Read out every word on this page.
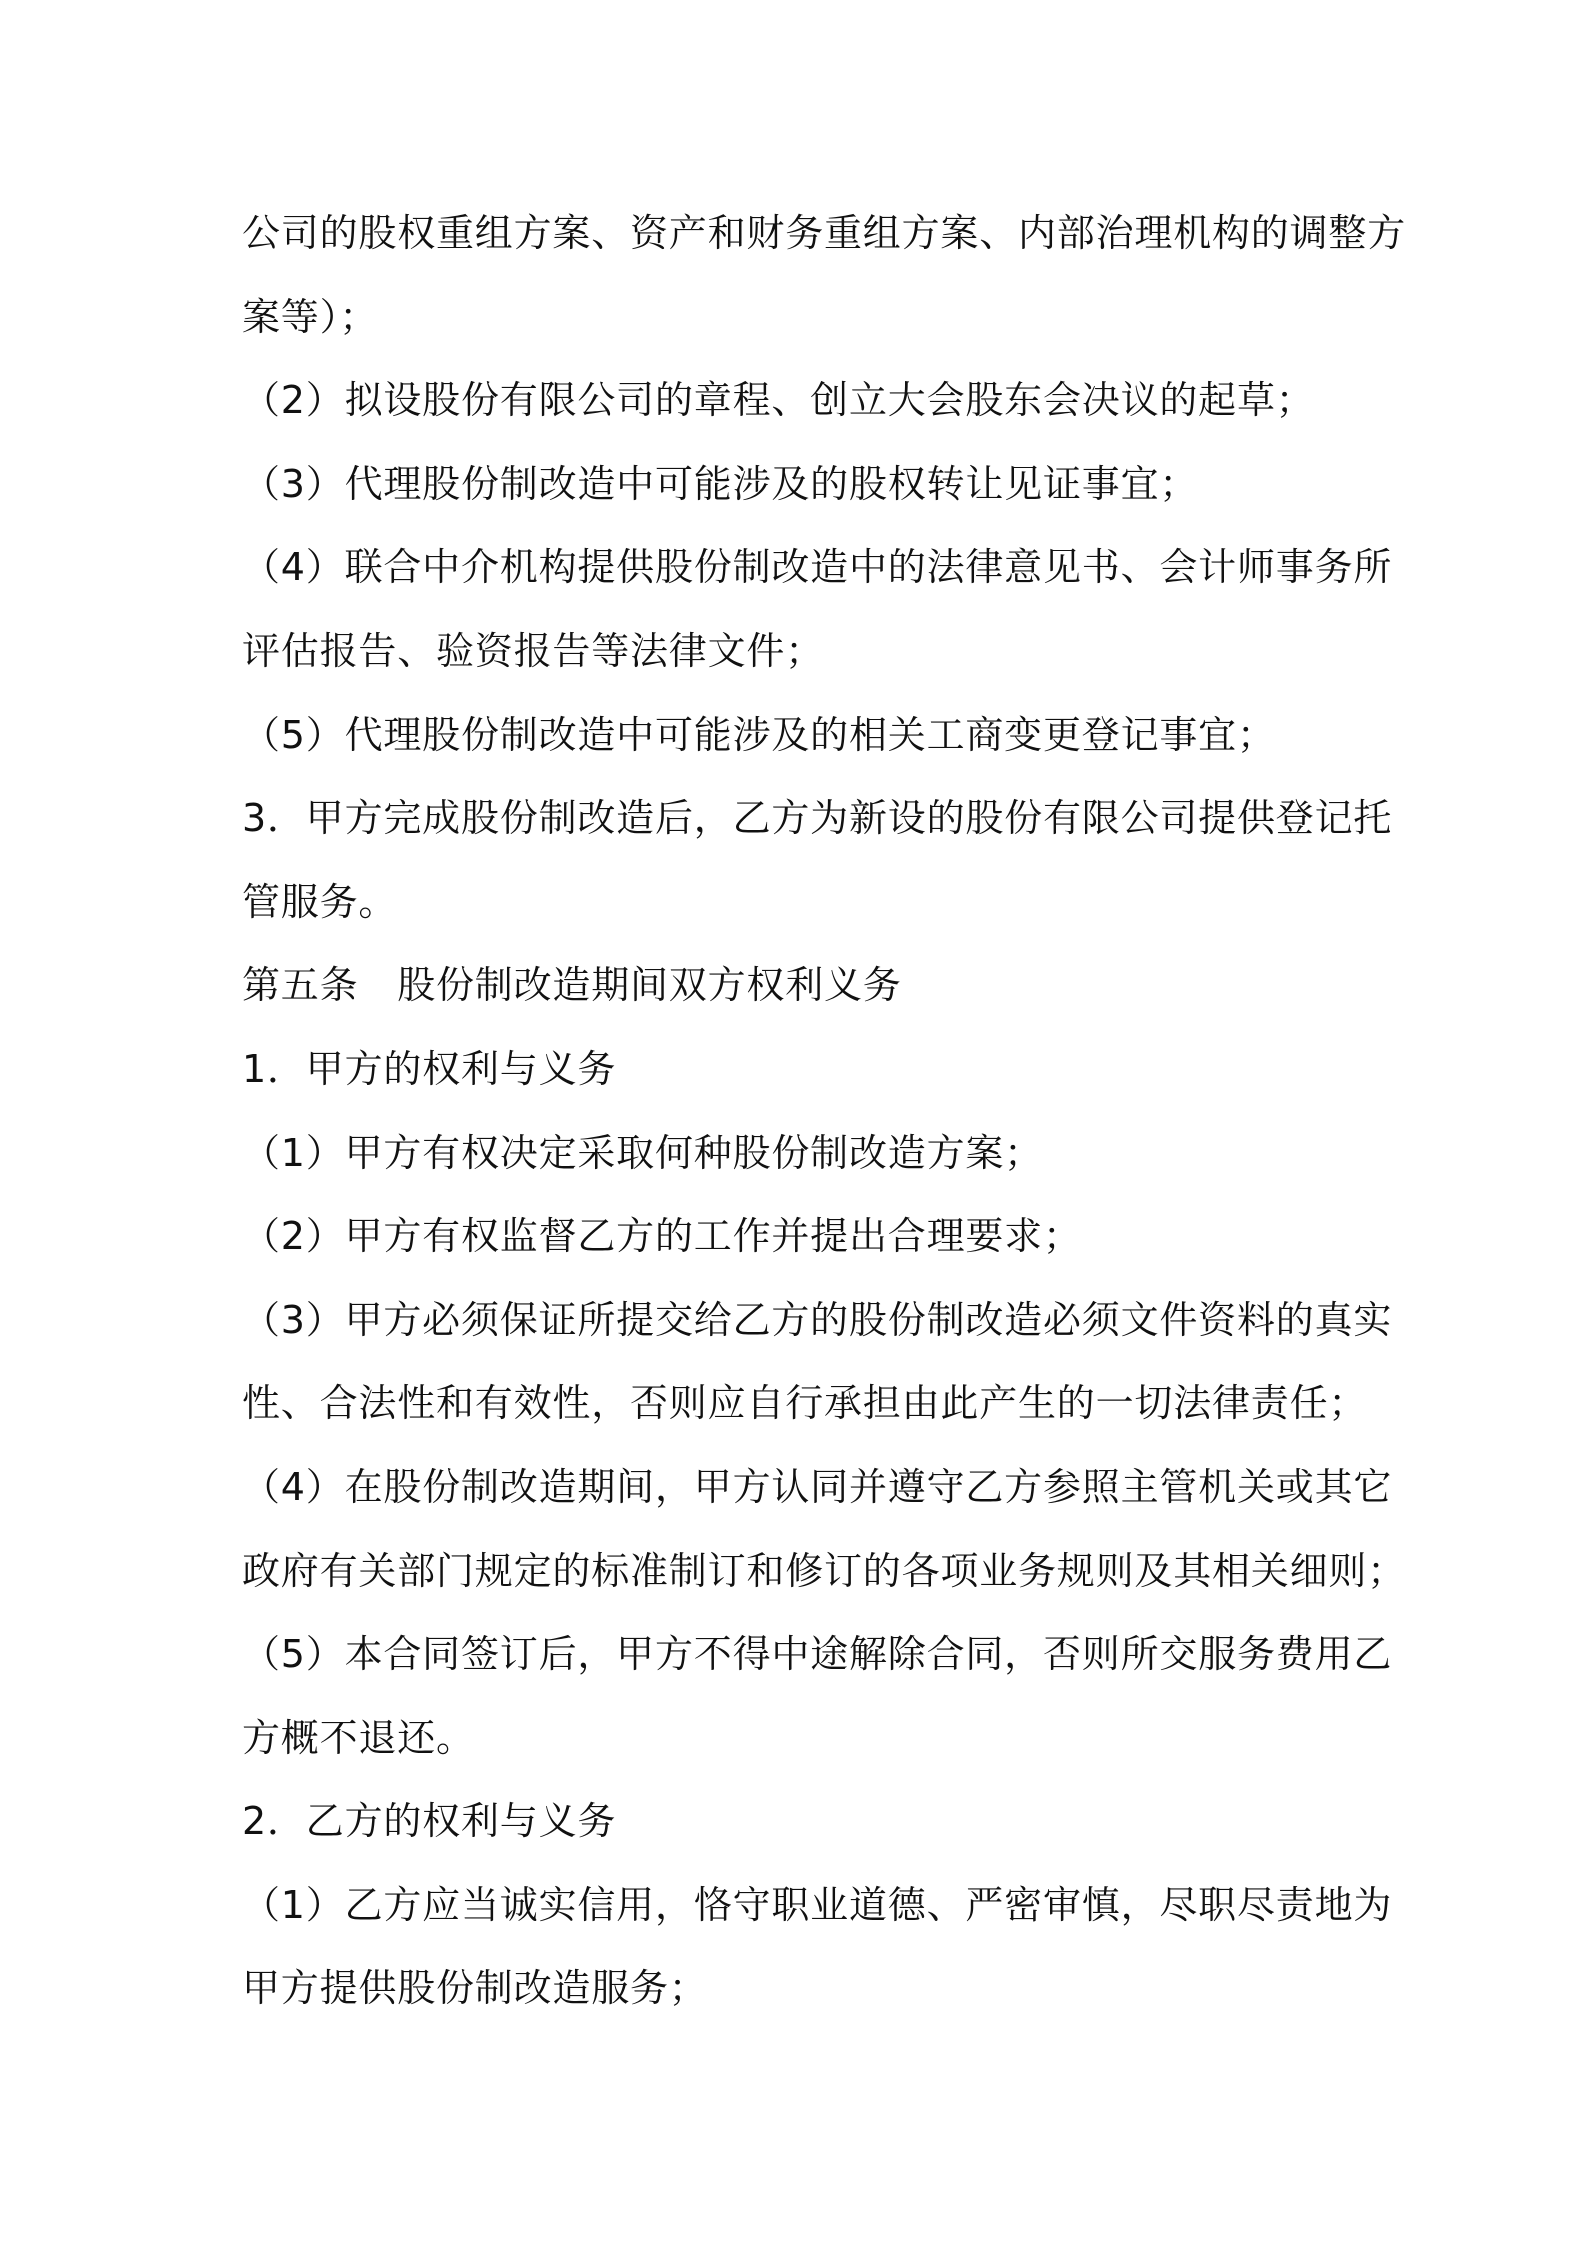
公司的股权重组方案、资产和财务重组方案、内部治理机构的调整方
案等）；
（2）拟设股份有限公司的章程、创立大会股东会决议的起草；
（3）代理股份制改造中可能涉及的股权转让见证事宜；
（4）联合中介机构提供股份制改造中的法律意见书、会计师事务所
评估报告、验资报告等法律文件；
（5）代理股份制改造中可能涉及的相关工商变更登记事宜；
3．甲方完成股份制改造后，乙方为新设的股份有限公司提供登记托
管服务。
第五条　股份制改造期间双方权利义务
1．甲方的权利与义务
（1）甲方有权决定采取何种股份制改造方案；
（2）甲方有权监督乙方的工作并提出合理要求；
（3）甲方必须保证所提交给乙方的股份制改造必须文件资料的真实
性、合法性和有效性，否则应自行承担由此产生的一切法律责任；
（4）在股份制改造期间，甲方认同并遵守乙方参照主管机关或其它
政府有关部门规定的标准制订和修订的各项业务规则及其相关细则；
（5）本合同签订后，甲方不得中途解除合同，否则所交服务费用乙
方概不退还。
2．乙方的权利与义务
（1）乙方应当诚实信用，恪守职业道德、严密审慎，尽职尽责地为
甲方提供股份制改造服务；
